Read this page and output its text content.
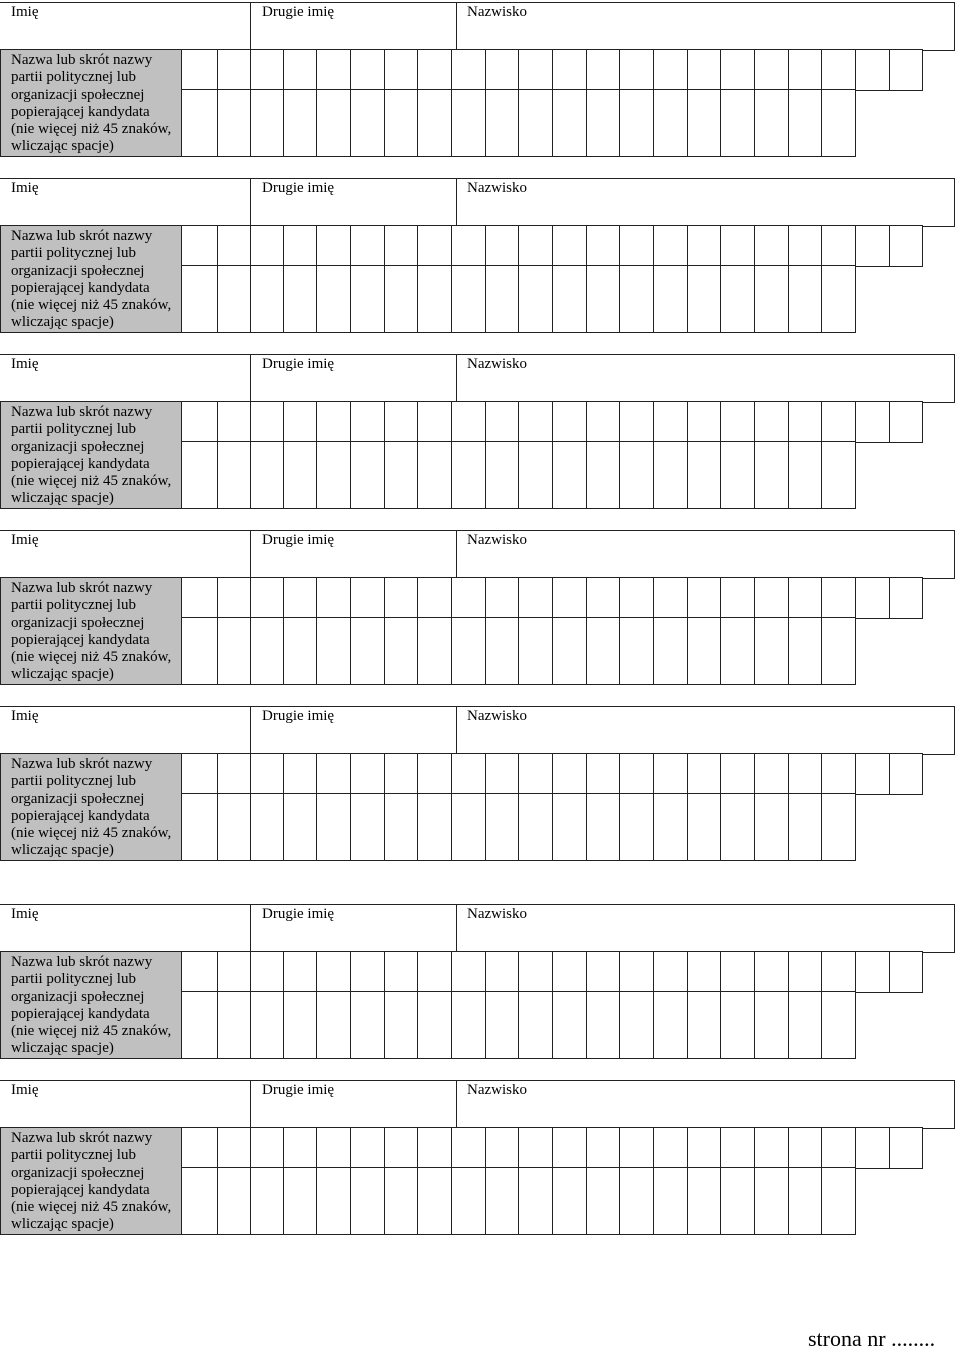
Imię	Drugie imię	Nazwisko
Nazwa lub skrót nazwy
partii politycznej lub
organizacji społecznej
popierającej kandydata
(nie więcej niż 45 znaków,
wliczając spacje)
Imię	Drugie imię	Nazwisko
Nazwa lub skrót nazwy
partii politycznej lub
organizacji społecznej
popierającej kandydata
(nie więcej niż 45 znaków,
wliczając spacje)
Imię	Drugie imię	Nazwisko
Nazwa lub skrót nazwy
partii politycznej lub
organizacji społecznej
popierającej kandydata
(nie więcej niż 45 znaków,
wliczając spacje)
Imię	Drugie imię	Nazwisko
Nazwa lub skrót nazwy
partii politycznej lub
organizacji społecznej
popierającej kandydata
(nie więcej niż 45 znaków,
wliczając spacje)
Imię	Drugie imię	Nazwisko
Nazwa lub skrót nazwy
partii politycznej lub
organizacji społecznej
popierającej kandydata
(nie więcej niż 45 znaków,
wliczając spacje)
Imię	Drugie imię	Nazwisko
Nazwa lub skrót nazwy
partii politycznej lub
organizacji społecznej
popierającej kandydata
(nie więcej niż 45 znaków,
wliczając spacje)
Imię	Drugie imię	Nazwisko
Nazwa lub skrót nazwy
partii politycznej lub
organizacji społecznej
popierającej kandydata
(nie więcej niż 45 znaków,
wliczając spacje)
strona nr ........
